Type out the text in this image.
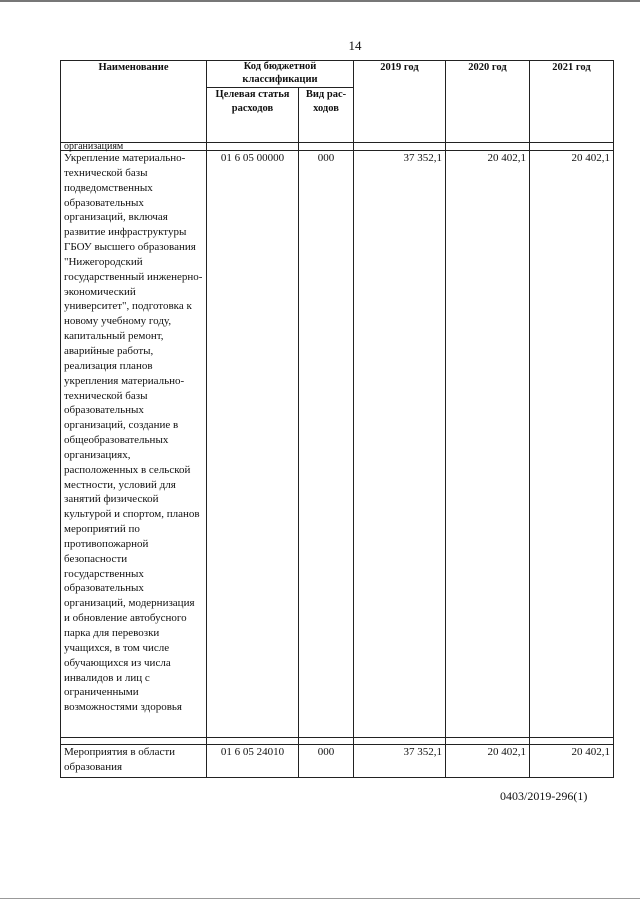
14
Наименование	Код бюджетной классификации		2019 год	2020 год	2021 год
	Целевая статья расходов	Вид рас-ходов			
организациям					
Укрепление материально-технической базы подведомственных образовательных организаций, включая развитие инфраструктуры ГБОУ высшего образования "Нижегородский государственный инженерно-экономический университет", подготовка к новому учебному году, капитальный ремонт, аварийные работы, реализация планов укрепления материально-технической базы образовательных организаций, создание в общеобразовательных организациях, расположенных в сельской местности, условий для занятий физической культурой и спортом, планов мероприятий по противопожарной безопасности государственных образовательных организаций, модернизация и обновление автобусного парка для перевозки учащихся, в том числе обучающихся из числа инвалидов и лиц с ограниченными возможностями здоровья	01 6 05 00000	000	37 352,1	20 402,1	20 402,1

Мероприятия в области образования	01 6 05 24010	000	37 352,1	20 402,1	20 402,1
0403/2019-296(1)
